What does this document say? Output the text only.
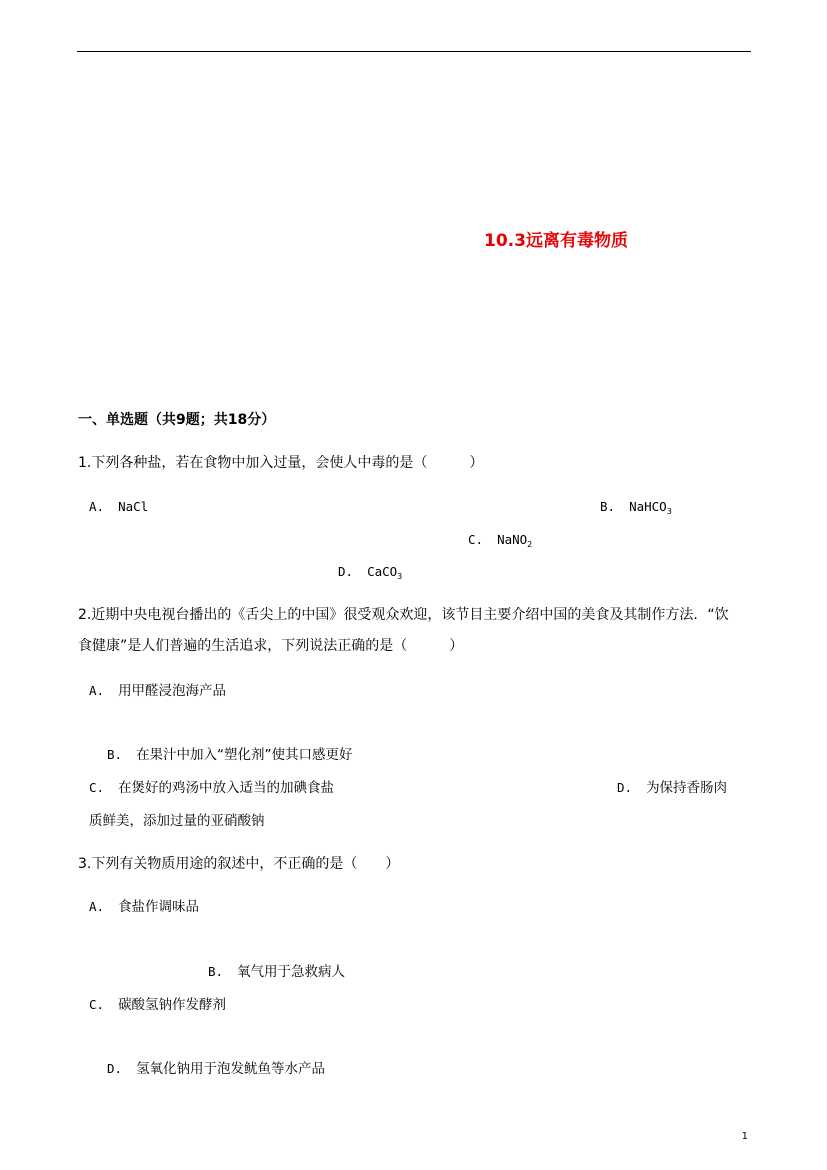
10.3远离有毒物质
一、单选题（共9题；共18分）
1.下列各种盐，若在食物中加入过量，会使人中毒的是（　　　）
A. NaCl	B. NaHCO$_3$
C. NaNO$_2$
D. CaCO$_3$
2.近期中央电视台播出的《舌尖上的中国》很受观众欢迎，该节目主要介绍中国的美食及其制作方法．“饮
食健康”是人们普遍的生活追求，下列说法正确的是（　　　）
A. 用甲醛浸泡海产品
B. 在果汁中加入“塑化剂”使其口感更好
C. 在煲好的鸡汤中放入适当的加碘食盐	D. 为保持香肠肉
质鲜美，添加过量的亚硝酸钠
3.下列有关物质用途的叙述中，不正确的是（　　）
A. 食盐作调味品
B. 氧气用于急救病人
C. 碳酸氢钠作发酵剂
D. 氢氧化钠用于泡发鱿鱼等水产品
1
